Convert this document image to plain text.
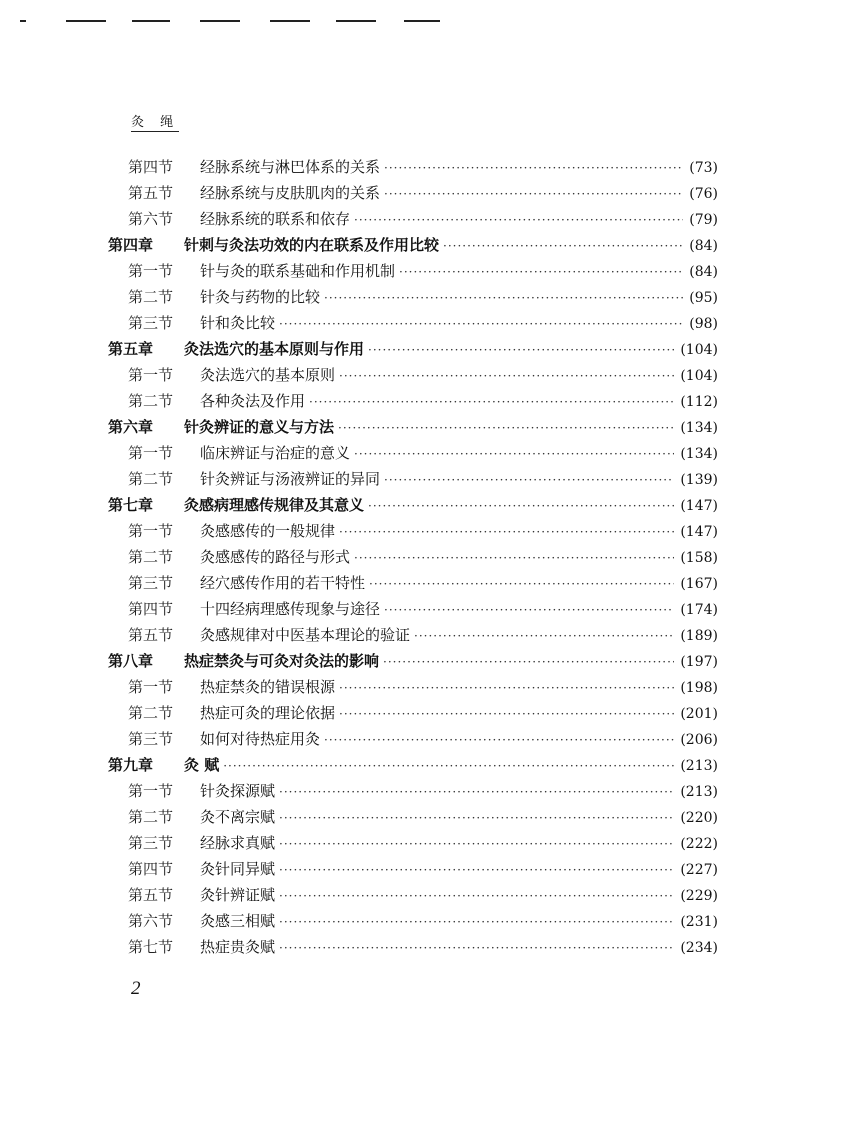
灸 绳
第四节	经脉系统与淋巴体系的关系 ·····	(73)
第五节	经脉系统与皮肤肌肉的关系 ·····	(76)
第六节	经脉系统的联系和依存 ·····	(79)
第四章	针刺与灸法功效的内在联系及作用比较 ·····	(84)
第一节	针与灸的联系基础和作用机制 ·····	(84)
第二节	针灸与药物的比较 ·····	(95)
第三节	针和灸比较 ·····	(98)
第五章	灸法选穴的基本原则与作用 ·····	(104)
第一节	灸法选穴的基本原则 ·····	(104)
第二节	各种灸法及作用 ·····	(112)
第六章	针灸辨证的意义与方法 ·····	(134)
第一节	临床辨证与治症的意义 ·····	(134)
第二节	针灸辨证与汤液辨证的异同 ·····	(139)
第七章	灸感病理感传规律及其意义 ·····	(147)
第一节	灸感感传的一般规律 ·····	(147)
第二节	灸感感传的路径与形式 ·····	(158)
第三节	经穴感传作用的若干特性 ·····	(167)
第四节	十四经病理感传现象与途径 ·····	(174)
第五节	灸感规律对中医基本理论的验证 ·····	(189)
第八章	热症禁灸与可灸对灸法的影响 ·····	(197)
第一节	热症禁灸的错误根源 ·····	(198)
第二节	热症可灸的理论依据 ·····	(201)
第三节	如何对待热症用灸 ·····	(206)
第九章	灸 赋 ·····	(213)
第一节	针灸探源赋 ·····	(213)
第二节	灸不离宗赋 ·····	(220)
第三节	经脉求真赋 ·····	(222)
第四节	灸针同异赋 ·····	(227)
第五节	灸针辨证赋 ·····	(229)
第六节	灸感三相赋 ·····	(231)
第七节	热症贵灸赋 ·····	(234)
2
